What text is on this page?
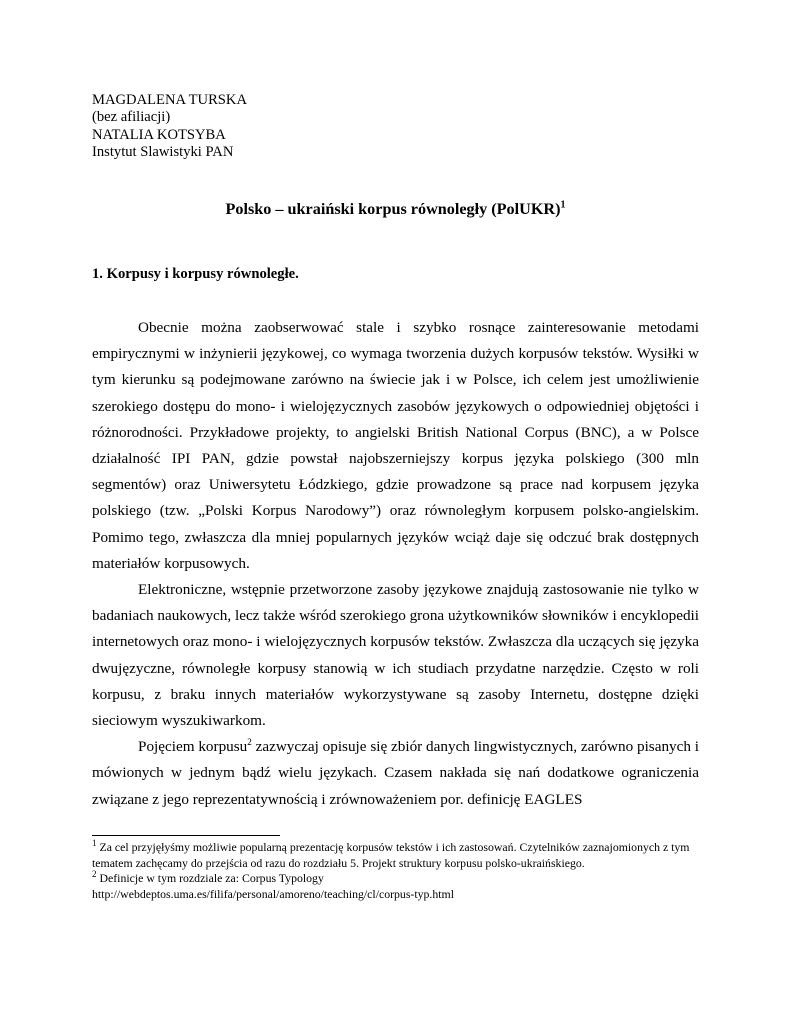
MAGDALENA TURSKA
(bez afiliacji)
NATALIA KOTSYBA
Instytut Slawistyki PAN
Polsko – ukraiński korpus równoległy (PolUKR)$^1$
1. Korpusy i korpusy równoległe.

Obecnie można zaobserwować stale i szybko rosnące zainteresowanie metodami empirycznymi w inżynierii językowej, co wymaga tworzenia dużych korpusów tekstów. Wysiłki w tym kierunku są podejmowane zarówno na świecie jak i w Polsce, ich celem jest umożliwienie szerokiego dostępu do mono- i wielojęzycznych zasobów językowych o odpowiedniej objętości i różnorodności. Przykładowe projekty, to angielski British National Corpus (BNC), a w Polsce działalność IPI PAN, gdzie powstał najobszerniejszy korpus języka polskiego (300 mln segmentów) oraz Uniwersytetu Łódzkiego, gdzie prowadzone są prace nad korpusem języka polskiego (tzw. „Polski Korpus Narodowy”) oraz równoległym korpusem polsko-angielskim. Pomimo tego, zwłaszcza dla mniej popularnych języków wciąż daje się odczuć brak dostępnych materiałów korpusowych.

Elektroniczne, wstępnie przetworzone zasoby językowe znajdują zastosowanie nie tylko w badaniach naukowych, lecz także wśród szerokiego grona użytkowników słowników i encyklopedii internetowych oraz mono- i wielojęzycznych korpusów tekstów. Zwłaszcza dla uczących się języka dwujęzyczne, równoległe korpusy stanowią w ich studiach przydatne narzędzie. Często w roli korpusu, z braku innych materiałów wykorzystywane są zasoby Internetu, dostępne dzięki sieciowym wyszukiwarkom.

Pojęciem korpusu$^2$ zazwyczaj opisuje się zbiór danych lingwistycznych, zarówno pisanych i mówionych w jednym bądź wielu językach. Czasem nakłada się nań dodatkowe ograniczenia związane z jego reprezentatywnością i zrównoważeniem por. definicję EAGLES

$^1$ Za cel przyjęłyśmy możliwie popularną prezentację korpusów tekstów i ich zastosowań. Czytelników zaznajomionych z tym tematem zachęcamy do przejścia od razu do rozdziału 5. Projekt struktury korpusu polsko-ukraińskiego.

$^2$ Definicje w tym rozdziale za: Corpus Typology

http://webdeptos.uma.es/filifa/personal/amoreno/teaching/cl/corpus-typ.html
